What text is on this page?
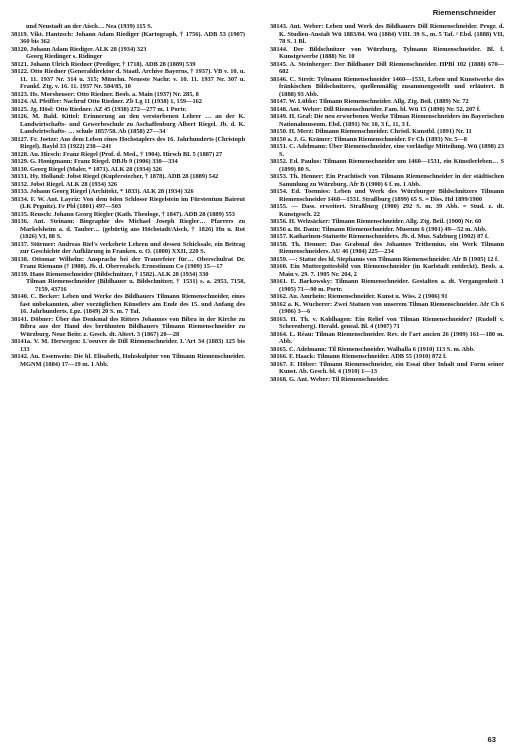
Riemenschneider

und Neustadt an der Aisch… Nea (1939) 115 S.

38119. Vikt. Hantzsch: Johann Adam Riediger (Kartograph, † 1756). ADB 53 (1907) 360 bis 362

38120. Johann Adam Riediger. ALK 28 (1934) 323

Georg Riedinger s. Ridinger

38121. Johann Ulrich Riedner (Prediger, † 1718). ADB 28 (1889) 539

38122. Otto Riedner (Generaldirektor d. Staatl. Archive Bayerns, † 1937). VB v. 10. u. 11. 11. 1937 Nr. 314 u. 315; Münchn. Neueste Nachr. v. 10. 11. 1937 Nr. 307 u. Frankf. Ztg. v. 16. 11. 1937 Nr. 584/85, 10

38123. Hs. Morsheuser: Otto Riedner. Beob. a. Main (1937) Nr. 285, 8

38124. Al. Pfeiffer: Nachruf Otto Riedner. Zb Lg 11 (1938) 1, 159—162

38125. Jg. Hösl: Otto Riedner. AZ 45 (1938) 272—277 m. 1 Portr.

38126. M. Bald. Kittel: Erinnerung an den verstorbenen Lehrer … an der K. Landwirtschafts- und Gewerbeschule zu Aschaffenburg Albert Riegel. Jb. d. K. Landwirtschafts- … schule 1857/58. Ab (1858) 27—34

38127. Fr. Joetze: Aus dem Leben eines Hochstaplers des 16. Jahrhunderts (Christoph Riegel). Bayld 33 (1922) 238—241

38128. Au. Hirsch: Franz Riegel (Prof. d. Med., † 1904). Hirsch BL 5 (1887) 27

38129. G. Honigmann: Franz Riegel. DBJb 9 (1906) 330—334

38130. Georg Riegel (Maler, * 1871). ALK 28 (1934) 326

38131. Hy. Holland: Jobst Riegel (Kupferstecher, † 1878). ADB 28 (1889) 542

38132. Jobst Riegel. ALK 28 (1934) 326

38133. Johann Georg Riegel (Architekt, * 1833). ALK 28 (1934) 326

38134. F. W. Ant. Layriz: Von dem öden Schlosse Riegelstein im Fürstentum Baireut (LK Pegnitz). Fr Pbl (1801) 497—503

38135. Reusch: Johann Georg Riegler (Kath. Theologe, † 1847). ADB 28 (1889) 553

38136. Ant. Steinam: Biographie des Michael Joseph Riegler… Pfarrers zu Markelsheim a. d. Tauber… (gebürtig aus Höchstadt/Aisch, † 1826) Hn u. Rot (1826) VI, 88 S.

38137. Stürmer: Andreas Riel's verkehrte Lehren und dessen Schicksale, ein Beitrag zur Geschichte der Aufklärung in Franken. o. O. (1800) XXII, 220 S.

38138. Ottomar Wilhelm: Ansprache bei der Trauerfeier für… Oberschulrat Dr. Franz Riemann († 1908). Jb. d. Oberrealsch. Ernestinum Co (1909) 15—17

38139. Hans Riemenschneider (Bildschnitzer, † 1582). ALK 28 (1934) 330

Tilman Riemenschneider (Bildhauer u. Bildschnitzer, † 1531) s. a. 2953, 7158, 7159, 43716

38140. C. Becker: Leben und Werke des Bildhauers Tilmann Riemenschneider, eines fast unbekannten, aber vorzüglichen Künstlers am Ende des 15. und Anfang des 16. Jahrhunderts. Lpz. (1849) 20 S. m. 7 Taf.

38141. Döbner: Über das Denkmal des Ritters Johannes von Bibra in der Kirche zu Bibra aus der Hand des berühmten Bildhauers Tilmann Riemenschneider zu Würzburg. Neue Beitr. z. Gesch. dt. Altert. 3 (1867) 20—28

38141a. V. M. Herwegen: L'oeuvre de Dill Riemenschneider. L'Art 34 (1883) 125 bis 133

38142. Au. Essenwein: Die hl. Elisabeth, Holzskulptur von Tilmann Riemenschneider. MGNM (1884) 17—19 m. 1 Abb.

38143. Ant. Weber: Leben und Werk des Bildhauers Dill Riemenschneider. Progr. d. K. Studien-Anstalt Wü 1883/84. Wü (1884) VIII. 39 S., m. 5 Taf. ² Ebd. (1888) VII, 78 S. 1 Bl.

38144. Der Bildschnitzer von Würzburg, Tylmann Riemenschneider. Bl. f. Kunstgewerbe (1888) Nr. 10

38145. A. Steinberger: Der Bildhauer Dill Riemenschneider. HPBl 102 (1888) 670—682

38146. C. Streit: Tylmann Riemenschneider 1460—1531, Leben und Kunstwerke des fränkischen Bildschnitzers, quellenmäßig zusammengestellt und erläutert. B (1888) 93 Abb.

38147. W. Lübke: Tilmann Riemenschneider. Allg. Ztg. Beil. (1889) Nr. 72

38148. Ant. Weber: Dill Riemenschneider. Fam. bl. Wü 15 (1890) Nr. 52, 207 f.

38149. H. Graf: Die neu erworbenen Werke Tilman Riemenschneiders im Bayerischen Nationalmuseum. Ebd. (1891) Nr. 10, 3 f., 11, 3 f.

38150. H. Merz: Dilmann Riemenschneider. Christl. Kunstbl. (1891) Nr. 11

38150 a. J. G. Krämer: Tilmann Riemenschneider. Fr Ch (1893) Nr. 5—8

38151. C. Adelmann: Über Riemenschneider, eine vorläufige Mitteilung. Wü (1898) 23 S.

38152. Ed. Paulus: Tilmann Riemenschneider um 1460—1531, ein Künstlerleben… S (1899) 80 S.

38153. Th. Henner: Ein Prachtisch von Tilmann Riemenschneider in der städtischen Sammlung zu Würzburg. Afr B (1900) 6 f. m. 1 Abb.

38154. Ed. Toennies: Leben und Werk des Würzburger Bildschnitzers Tilmann Riemenschneider 1468—1531. Straßburg (1899) 65 S. = Diss. Hd 1899/1900

38155. — Dass. erweitert. Straßburg (1900) 292 S. m. 39 Abb. = Stud. z. dt. Kunstgesch. 22

38156. H. Welzsäcker: Tilmann Riemenschneider. Allg. Ztg. Beil. (1900) Nr. 60

38156 a. Bt. Daun: Tilmann Riemenschneider. Museum 6 (1901) 49—52 m. Abb.

38157. Katharinen-Statuette Riemenschneiders. Jb. d. Mus. Salzburg (1902) 87 f.

38158. Th. Henner: Das Grabmal des Johannes Trithemius, ein Werk Tilmann Riemenschneiders. AU 46 (1904) 225—234

38159. —: Statue des hl. Stephanus von Tilmann Riemenschneider. Afr B (1905) 12 f.

38160. Ein Muttergottesbild von Riemenschneider (in Karlstadt entdeckt). Beob. a. Main v. 29. 7. 1905 Nr. 204, 2

38161. E. Barkowsky: Tilmann Riemenschneider. Gestalten a. dt. Vergangenheit 1 (1905) 71—90 m. Portr.

38162. Au. Amrhein: Riemenschneider. Kunst u. Wiss. 2 (1906) 91

38162 a. K. Wucherer: Zwei Statuen von unserem Tilman Riemenschneider. Afr Ch 6 (1906) 3—6

38163. H. Th. v. Kohlhagen: Ein Relief von Tilman Riemenschneider? (Rudolf v. Scherenberg). Herald. geneal. Bl. 4 (1907) 71

38164. L. Réau: Tilman Riemenschneider. Rev. de l'art ancien 26 (1909) 161—180 m. Abb.

38165. C. Adelmann: Til Riemenschneider. Walhalla 6 (1910) 113 S. m. Abb.

38166. F. Haack: Tilmann Riemenschneider. ADB 55 (1910) 872 f.

38167. F. Höber: Tilmann Riemenschneider, ein Essai über Inhalt und Form seiner Kunst. Ab. Gesch. bl. 4 (1910) 1—13

38168. G. Ant. Weber: Til Riemenschneider.

63
